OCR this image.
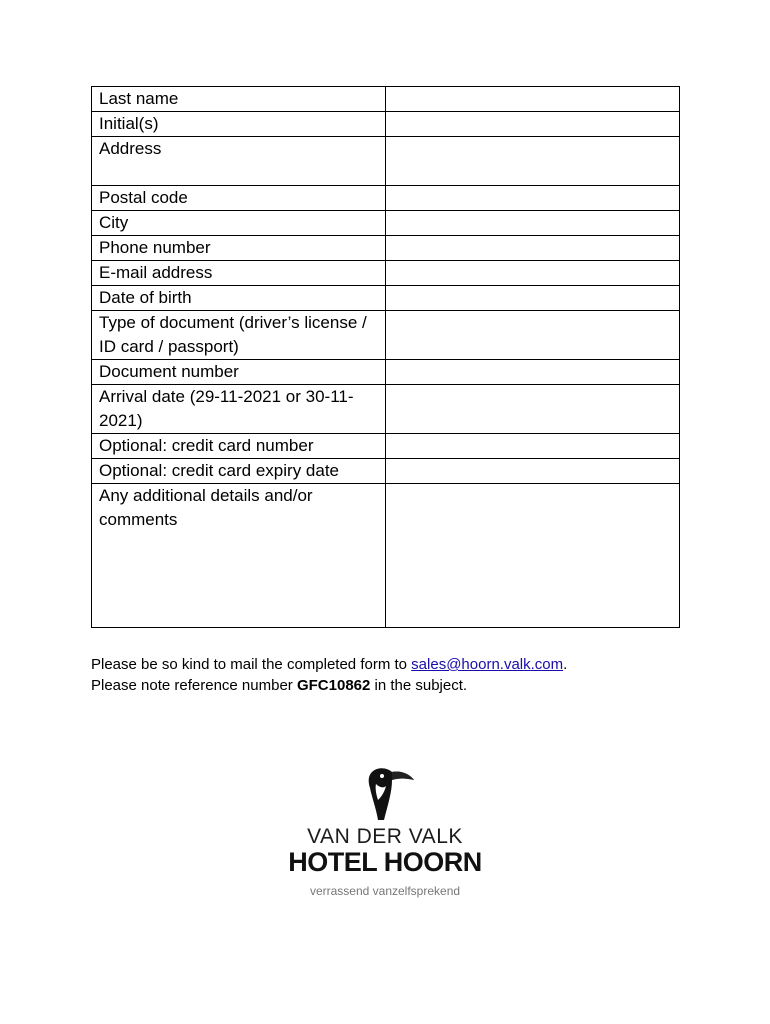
Last name	
Initial(s)	
Address	
Postal code	
City	
Phone number	
E-mail address	
Date of birth	
Type of document (driver’s license / ID card / passport)	
Document number	
Arrival date (29-11-2021 or 30-11-2021)	
Optional: credit card number	
Optional: credit card expiry date	
Any additional details and/or comments	

Please be so kind to mail the completed form to sales@hoorn.valk.com.

Please note reference number GFC10862 in the subject.

VAN DER VALK
HOTEL HOORN
verrassend vanzelfsprekend
